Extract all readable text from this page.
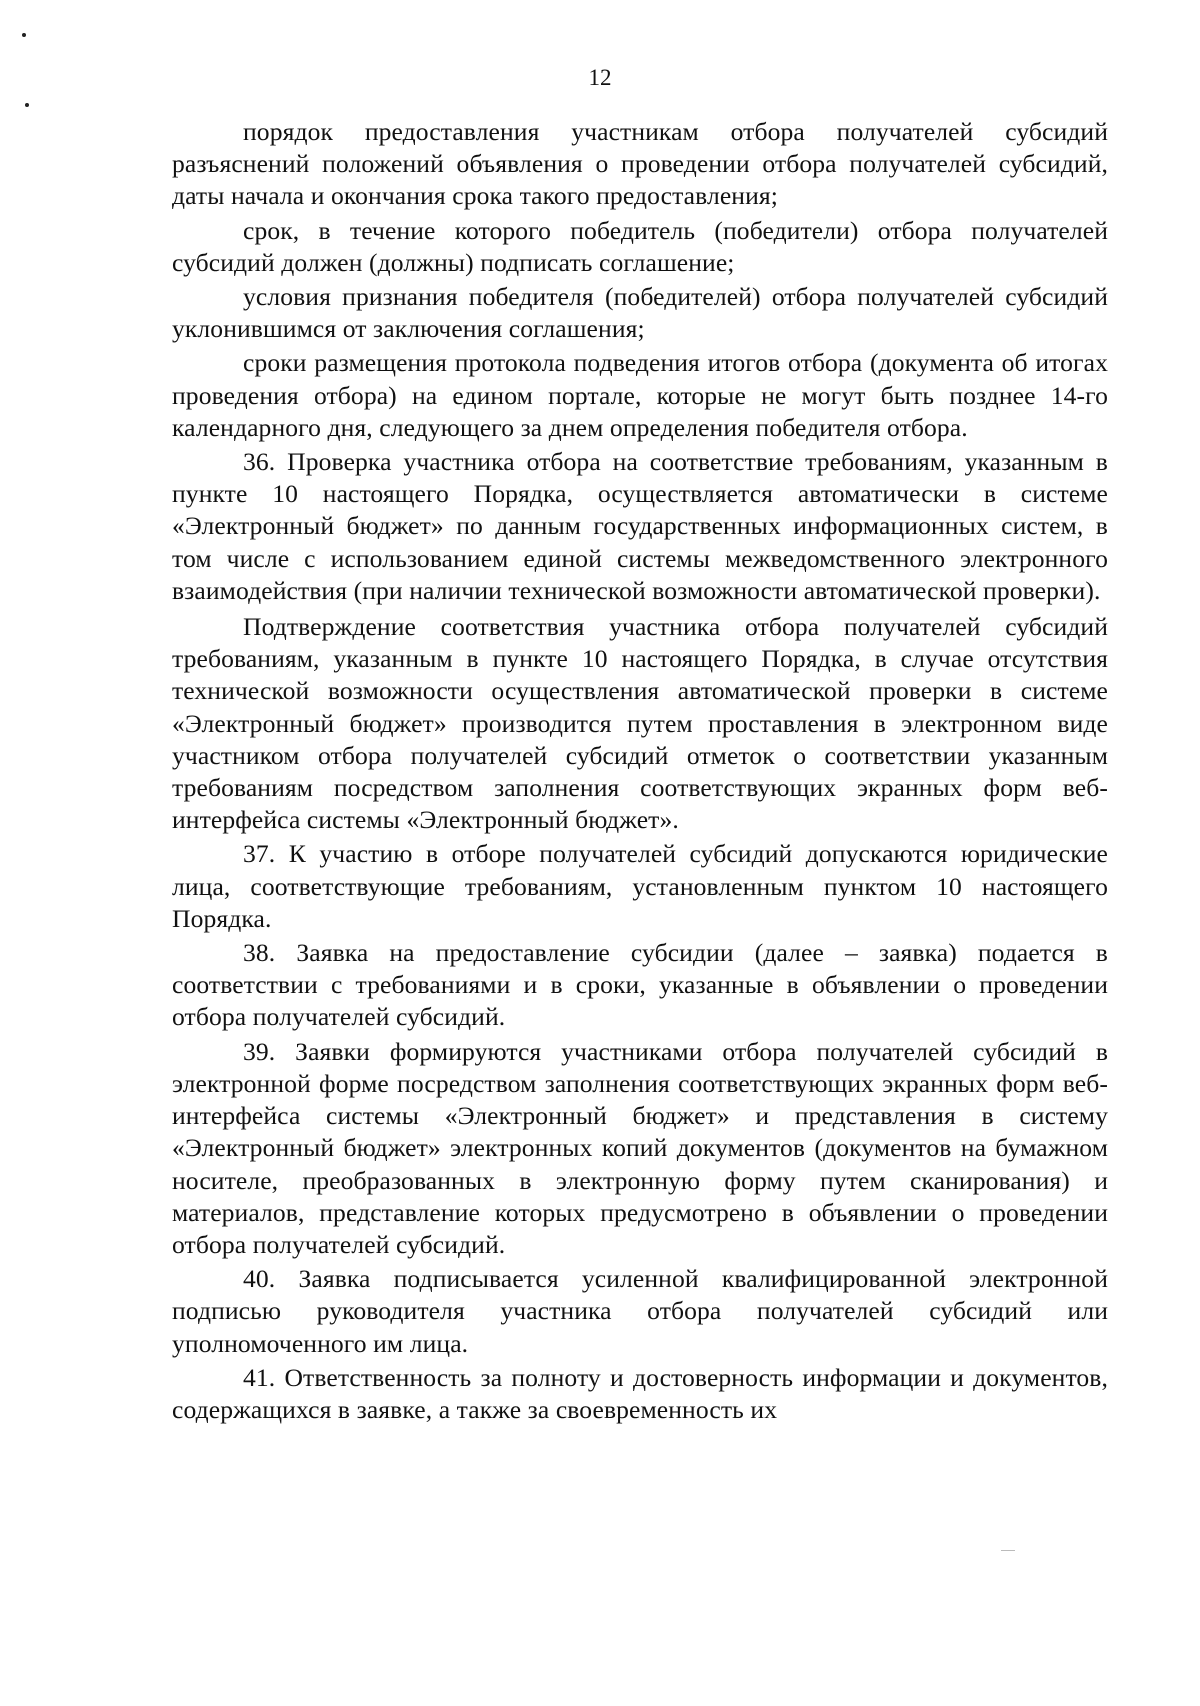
12

порядок предоставления участникам отбора получателей субсидий разъяснений положений объявления о проведении отбора получателей субсидий, даты начала и окончания срока такого предоставления;

срок, в течение которого победитель (победители) отбора получателей субсидий должен (должны) подписать соглашение;

условия признания победителя (победителей) отбора получателей субсидий уклонившимся от заключения соглашения;

сроки размещения протокола подведения итогов отбора (документа об итогах проведения отбора) на едином портале, которые не могут быть позднее 14-го календарного дня, следующего за днем определения победителя отбора.

36. Проверка участника отбора на соответствие требованиям, указанным в пункте 10 настоящего Порядка, осуществляется автоматически в системе «Электронный бюджет» по данным государственных информационных систем, в том числе с использованием единой системы межведомственного электронного взаимодействия (при наличии технической возможности автоматической проверки).

Подтверждение соответствия участника отбора получателей субсидий требованиям, указанным в пункте 10 настоящего Порядка, в случае отсутствия технической возможности осуществления автоматической проверки в системе «Электронный бюджет» производится путем проставления в электронном виде участником отбора получателей субсидий отметок о соответствии указанным требованиям посредством заполнения соответствующих экранных форм веб-интерфейса системы «Электронный бюджет».

37. К участию в отборе получателей субсидий допускаются юридические лица, соответствующие требованиям, установленным пунктом 10 настоящего Порядка.

38. Заявка на предоставление субсидии (далее – заявка) подается в соответствии с требованиями и в сроки, указанные в объявлении о проведении отбора получателей субсидий.

39. Заявки формируются участниками отбора получателей субсидий в электронной форме посредством заполнения соответствующих экранных форм веб-интерфейса системы «Электронный бюджет» и представления в систему «Электронный бюджет» электронных копий документов (документов на бумажном носителе, преобразованных в электронную форму путем сканирования) и материалов, представление которых предусмотрено в объявлении о проведении отбора получателей субсидий.

40. Заявка подписывается усиленной квалифицированной электронной подписью руководителя участника отбора получателей субсидий или уполномоченного им лица.

41. Ответственность за полноту и достоверность информации и документов, содержащихся в заявке, а также за своевременность их
